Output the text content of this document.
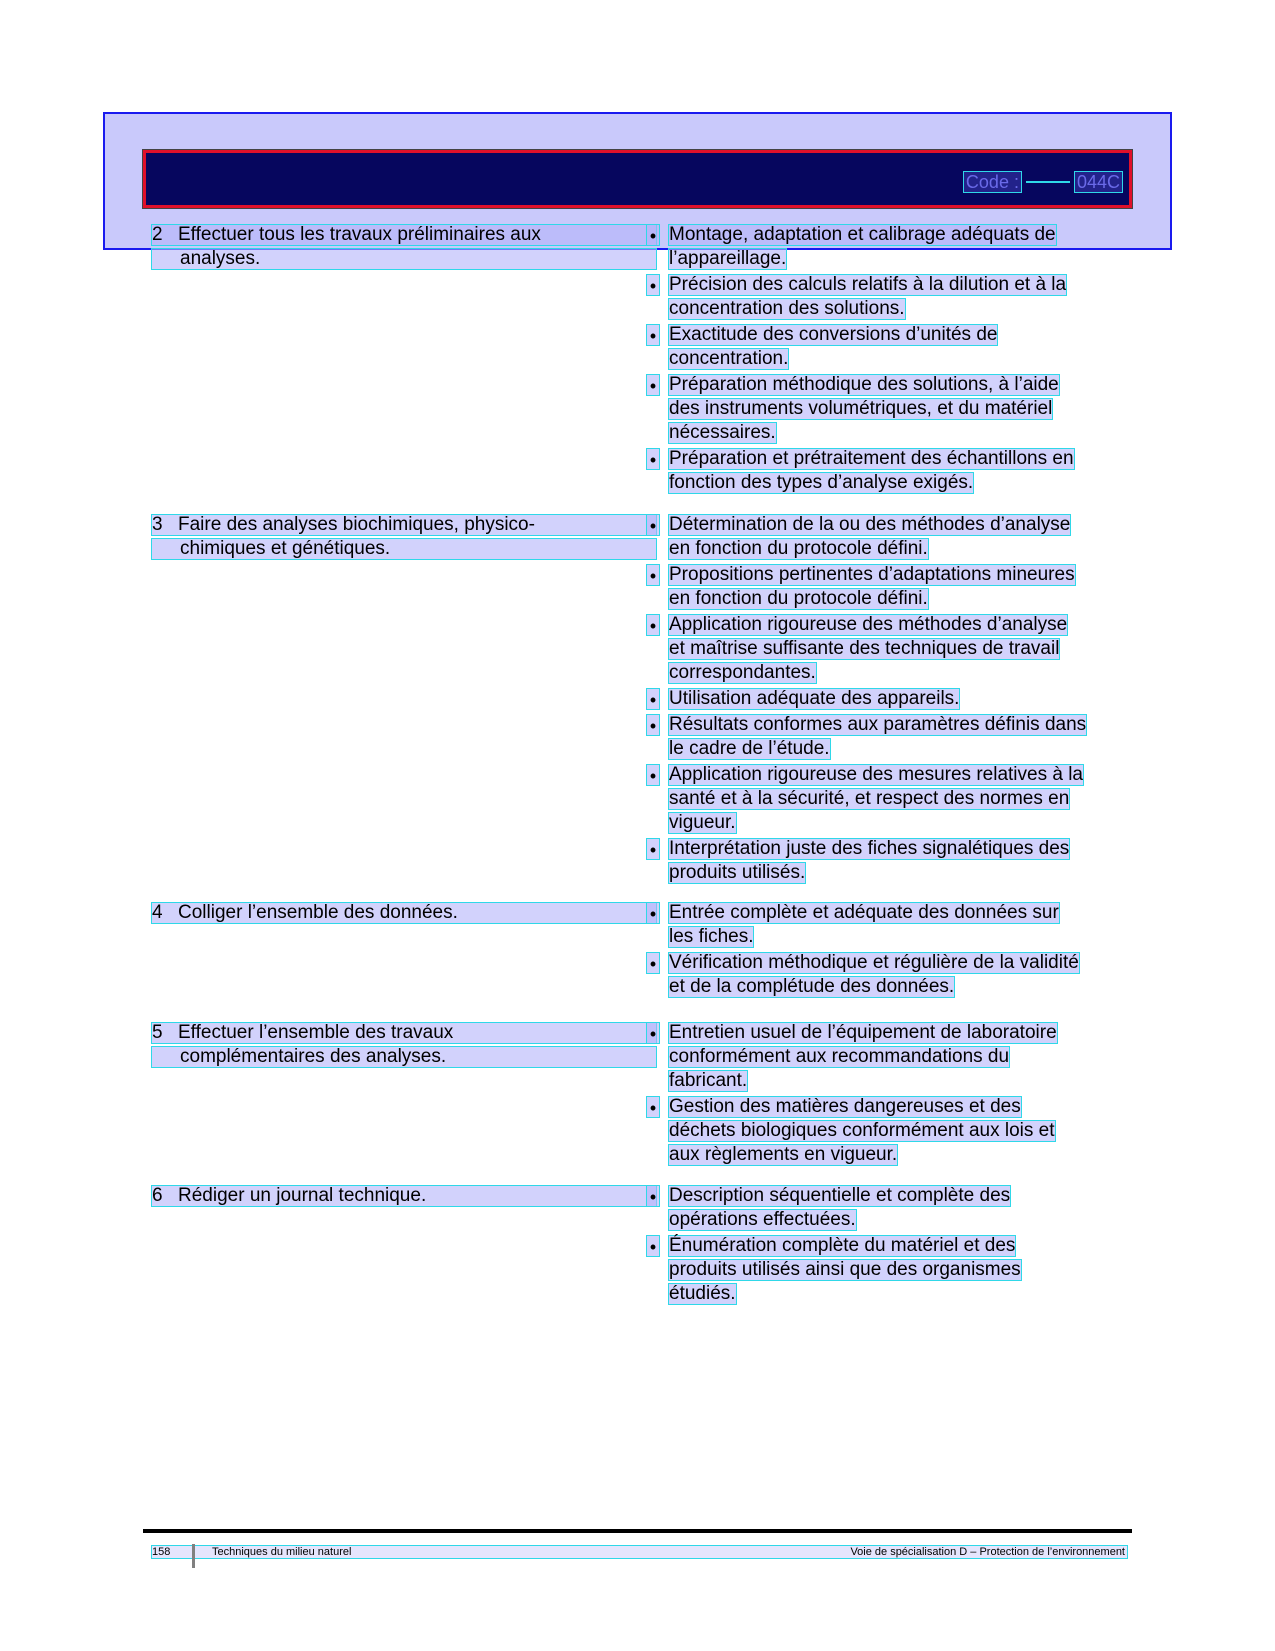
Code :	044C
2 Effectuer tous les travaux préliminaires aux
analyses.
• Montage, adaptation et calibrage adéquats de
l’appareillage.
• Précision des calculs relatifs à la dilution et à la
concentration des solutions.
• Exactitude des conversions d’unités de
concentration.
• Préparation méthodique des solutions, à l’aide
des instruments volumétriques, et du matériel
nécessaires.
• Préparation et prétraitement des échantillons en
fonction des types d’analyse exigés.
3 Faire des analyses biochimiques, physico-
chimiques et génétiques.
• Détermination de la ou des méthodes d’analyse
en fonction du protocole défini.
• Propositions pertinentes d’adaptations mineures
en fonction du protocole défini.
• Application rigoureuse des méthodes d’analyse
et maîtrise suffisante des techniques de travail
correspondantes.
• Utilisation adéquate des appareils.
• Résultats conformes aux paramètres définis dans
le cadre de l’étude.
• Application rigoureuse des mesures relatives à la
santé et à la sécurité, et respect des normes en
vigueur.
• Interprétation juste des fiches signalétiques des
produits utilisés.
4 Colliger l’ensemble des données.	• Entrée complète et adéquate des données sur
les fiches.
• Vérification méthodique et régulière de la validité
et de la complétude des données.
5 Effectuer l’ensemble des travaux
complémentaires des analyses.
• Entretien usuel de l’équipement de laboratoire
conformément aux recommandations du
fabricant.
• Gestion des matières dangereuses et des
déchets biologiques conformément aux lois et
aux règlements en vigueur.
6 Rédiger un journal technique.	• Description séquentielle et complète des
opérations effectuées.
• Énumération complète du matériel et des
produits utilisés ainsi que des organismes
étudiés.
158	Techniques du milieu naturel	Voie de spécialisation D – Protection de l’environnement
